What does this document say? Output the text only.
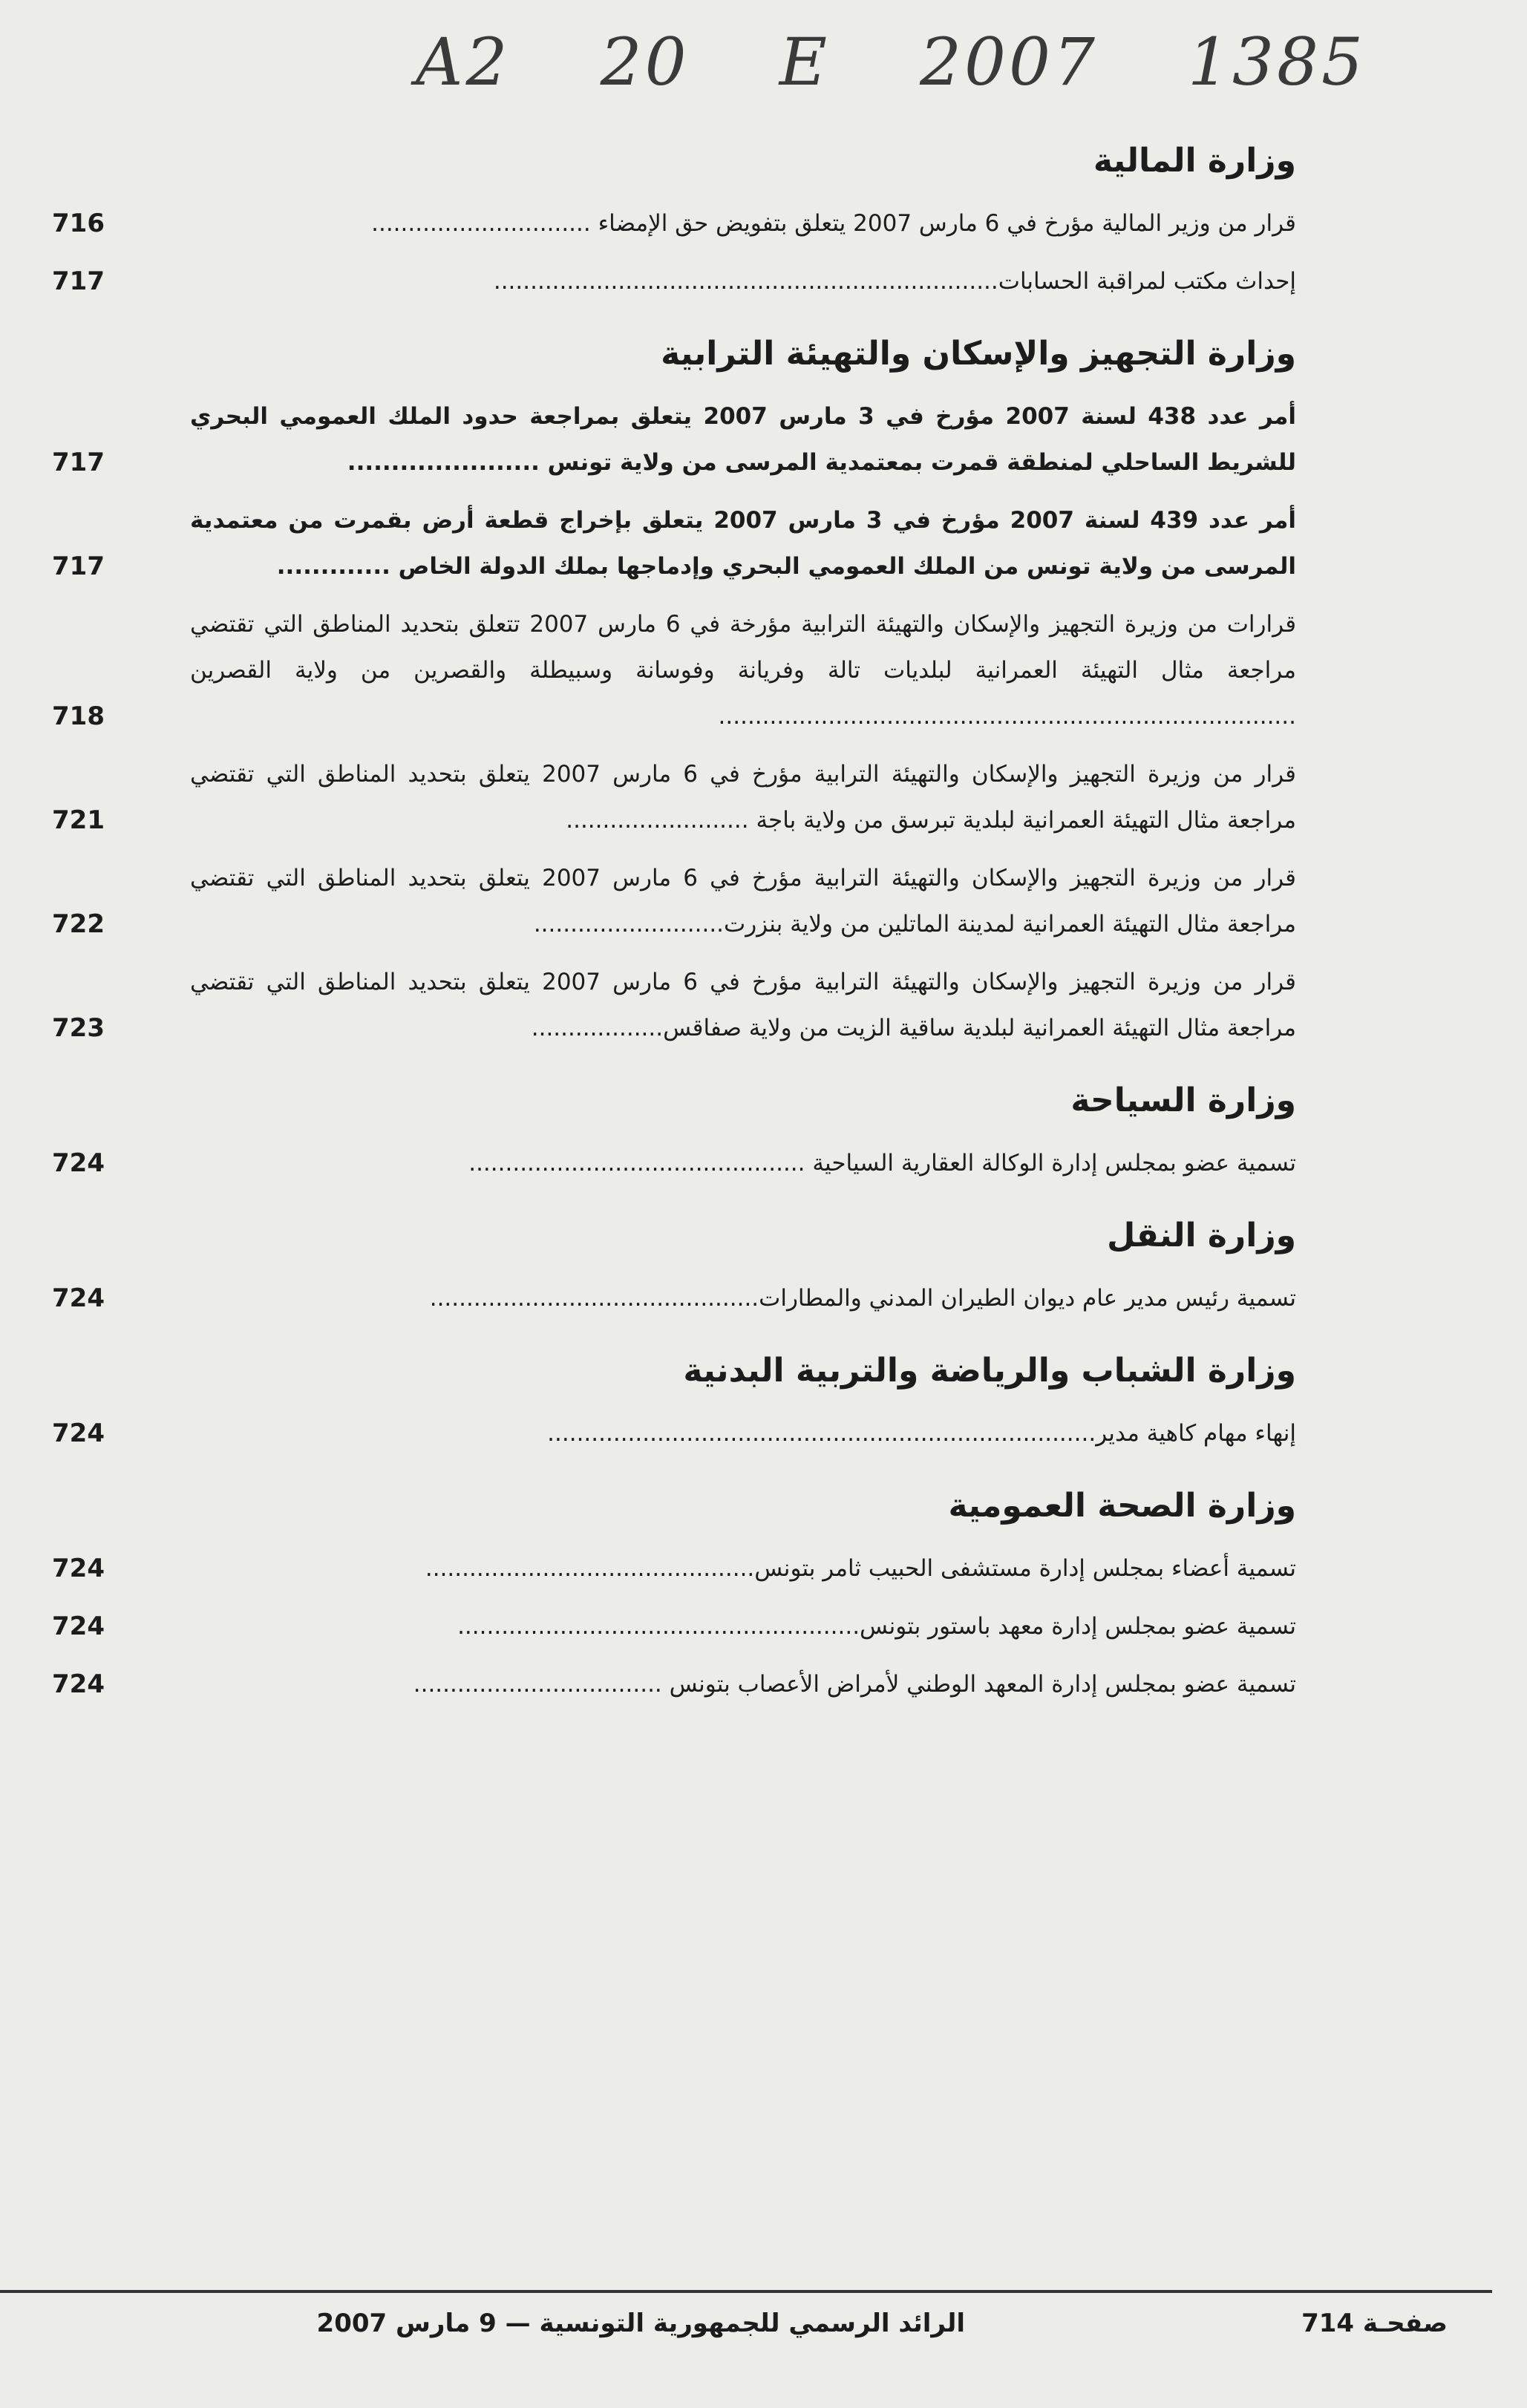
A2 20 E 2007 1385
وزارة المالية
قرار من وزير المالية مؤرخ في 6 مارس 2007 يتعلق بتفويض حق الإمضاء ..............................
716
إحداث مكتب لمراقبة الحسابات.....................................................................
717
وزارة التجهيز والإسكان والتهيئة الترابية
أمر عدد 438 لسنة 2007 مؤرخ في 3 مارس 2007 يتعلق بمراجعة حدود الملك العمومي البحري للشريط الساحلي لمنطقة قمرت بمعتمدية المرسى من ولاية تونس ......................
717
أمر عدد 439 لسنة 2007 مؤرخ في 3 مارس 2007 يتعلق بإخراج قطعة أرض بقمرت من معتمدية المرسى من ولاية تونس من الملك العمومي البحري وإدماجها بملك الدولة الخاص .............
717
قرارات من وزيرة التجهيز والإسكان والتهيئة الترابية مؤرخة في 6 مارس 2007 تتعلق بتحديد المناطق التي تقتضي مراجعة مثال التهيئة العمرانية لبلديات تالة وفريانة وفوسانة وسبيطلة والقصرين من ولاية القصرين ...............................................................................
718
قرار من وزيرة التجهيز والإسكان والتهيئة الترابية مؤرخ في 6 مارس 2007 يتعلق بتحديد المناطق التي تقتضي مراجعة مثال التهيئة العمرانية لبلدية تبرسق من ولاية باجة .........................
721
قرار من وزيرة التجهيز والإسكان والتهيئة الترابية مؤرخ في 6 مارس 2007 يتعلق بتحديد المناطق التي تقتضي مراجعة مثال التهيئة العمرانية لمدينة الماتلين من ولاية بنزرت..........................
722
قرار من وزيرة التجهيز والإسكان والتهيئة الترابية مؤرخ في 6 مارس 2007 يتعلق بتحديد المناطق التي تقتضي مراجعة مثال التهيئة العمرانية لبلدية ساقية الزيت من ولاية صفاقس..................
723
وزارة السياحة
تسمية عضو بمجلس إدارة الوكالة العقارية السياحية ..............................................
724
وزارة النقل
تسمية رئيس مدير عام ديوان الطيران المدني والمطارات.............................................
724
وزارة الشباب والرياضة والتربية البدنية
إنهاء مهام كاهية مدير...........................................................................
724
وزارة الصحة العمومية
تسمية أعضاء بمجلس إدارة مستشفى الحبيب ثامر بتونس.............................................
724
تسمية عضو بمجلس إدارة معهد باستور بتونس.......................................................
724
تسمية عضو بمجلس إدارة المعهد الوطني لأمراض الأعصاب بتونس ..................................
724
صفحـة 714
الرائد الرسمي للجمهورية التونسية — 9 مارس 2007
